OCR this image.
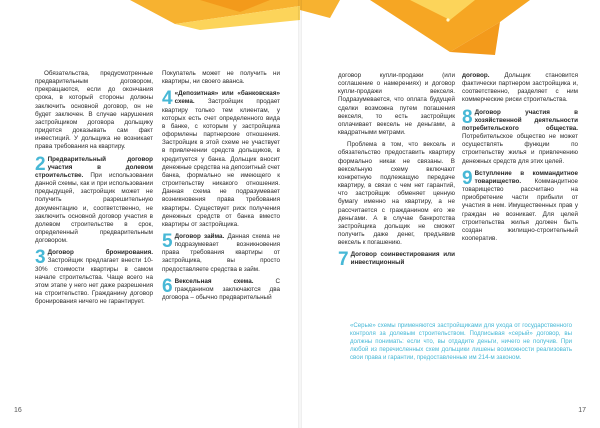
Обязательства, предусмотренные предварительным договором, прекращаются, если до окончания срока, в который стороны должны заключить основной договор, он не будет заключен. В случае нарушения застройщиком договора дольщику придется доказывать сам факт инвестиций. У дольщика не возникает права требования на квартиру.

2 Предварительный договор участия в долевом строительстве. При использовании данной схемы, как и при использовании предыдущей, застройщик может не получить разрешительную документацию и, соответственно, не заключить основной договор участия в долевом строительстве в срок, определенный предварительным договором.
3 Договор бронирования. Застройщик предлагает внести 10-30% стоимости квартиры в самом начале строительства. Чаще всего на этом этапе у него нет даже разрешения на строительство. Гражданину договор бронирования ничего не гарантирует.

Покупатель может не получить ни квартиры, ни своего аванса.

4 «Депозитная» или «банковская» схема. Застройщик продает квартиру только тем клиентам, у которых есть счет определенного вида в банке, с которым у застройщика оформлены партнерские отношения. Застройщик в этой схеме не участвует в привлечении средств дольщиков, в кредитуется у банка. Дольщик вносит денежные средства на депозитный счет банка, формально не имеющего к строительству никакого отношения. Данная схема не подразумевает возникновения права требования квартиры. Существует риск получения денежных средств от банка вместо квартиры от застройщика.
5 Договор займа. Данная схема не подразумевает возникновения права требования квартиры от застройщика, вы просто предоставляете средства в займ.
6 Вексельная схема.	С гражданином заключаются два договора – обычно предварительный
16

договор купли-продажи (или соглашение о намерениях) и договор купли-продажи векселя. Подразумевается, что оплата будущей сделки возможна путем погашения векселя, то есть застройщик оплачивает вексель не деньгами, а квадратными метрами.

Проблема в том, что вексель и обязательство предоставить квартиру формально никак не связаны. В вексельную схему включают конкретную подлежащую передаче квартиру, в связи с чем нет гарантий, что застройщик обменяет ценную бумагу именно на квартиру, а не рассчитается с гражданином его же деньгами. А в случае банкротства застройщика дольщик не сможет получить даже денег, предъявив вексель к погашению.

7 Договор соинвестирования или инвестиционный

договор. Дольщик становится фактически партнером застройщика и, соответственно, разделяет с ним коммерческие риски строительства.

8 Договор участия в хозяйственной деятельности потребительского общества. Потребительское общество не может осуществлять функции по строительству жилья и привлечению денежных средств для этих целей.
9 Вступление в коммандитное товарищество. Коммандитное товарищество рассчитано на приобретение части прибыли от участия в нем. Имущественных прав у граждан не возникает. Для целей строительства жилья должен быть создан жилищно-строительный кооператив.
17
«Серые» схемы применяются застройщиками для ухода от государственного контроля за долевым строительством. Подписывая «серый» договор, вы должны понимать: если что, вы отдадите деньги, ничего не получив. При любой из перечисленных схем дольщики лишены возможности реализовать свои права и гарантии, предоставленные им 214-м законом.
